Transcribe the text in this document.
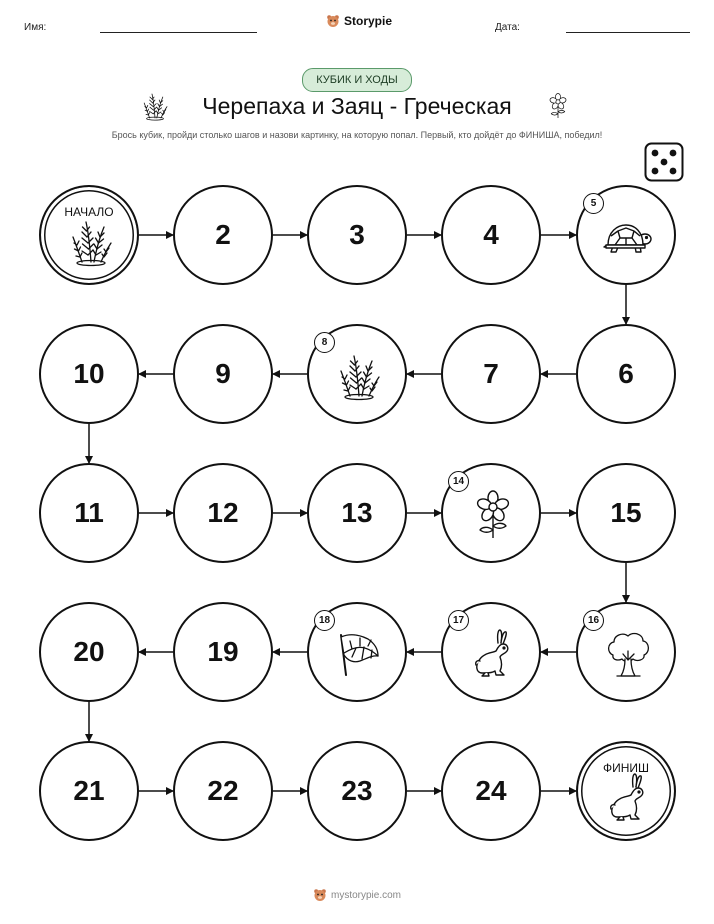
Имя:	Storypie	Дата:
КУБИК И ХОДЫ
Черепаха и Заяц - Греческая
Брось кубик, пройди столько шагов и назови картинку, на которую попал. Первый, кто дойдёт до ФИНИША, победил!
НАЧАЛО
2	3	4
5
6
7
8
9
10
11	12	13
14
15
16
17
18
19
20
21	22	23	24
ФИНИШ
mystorypie.com
